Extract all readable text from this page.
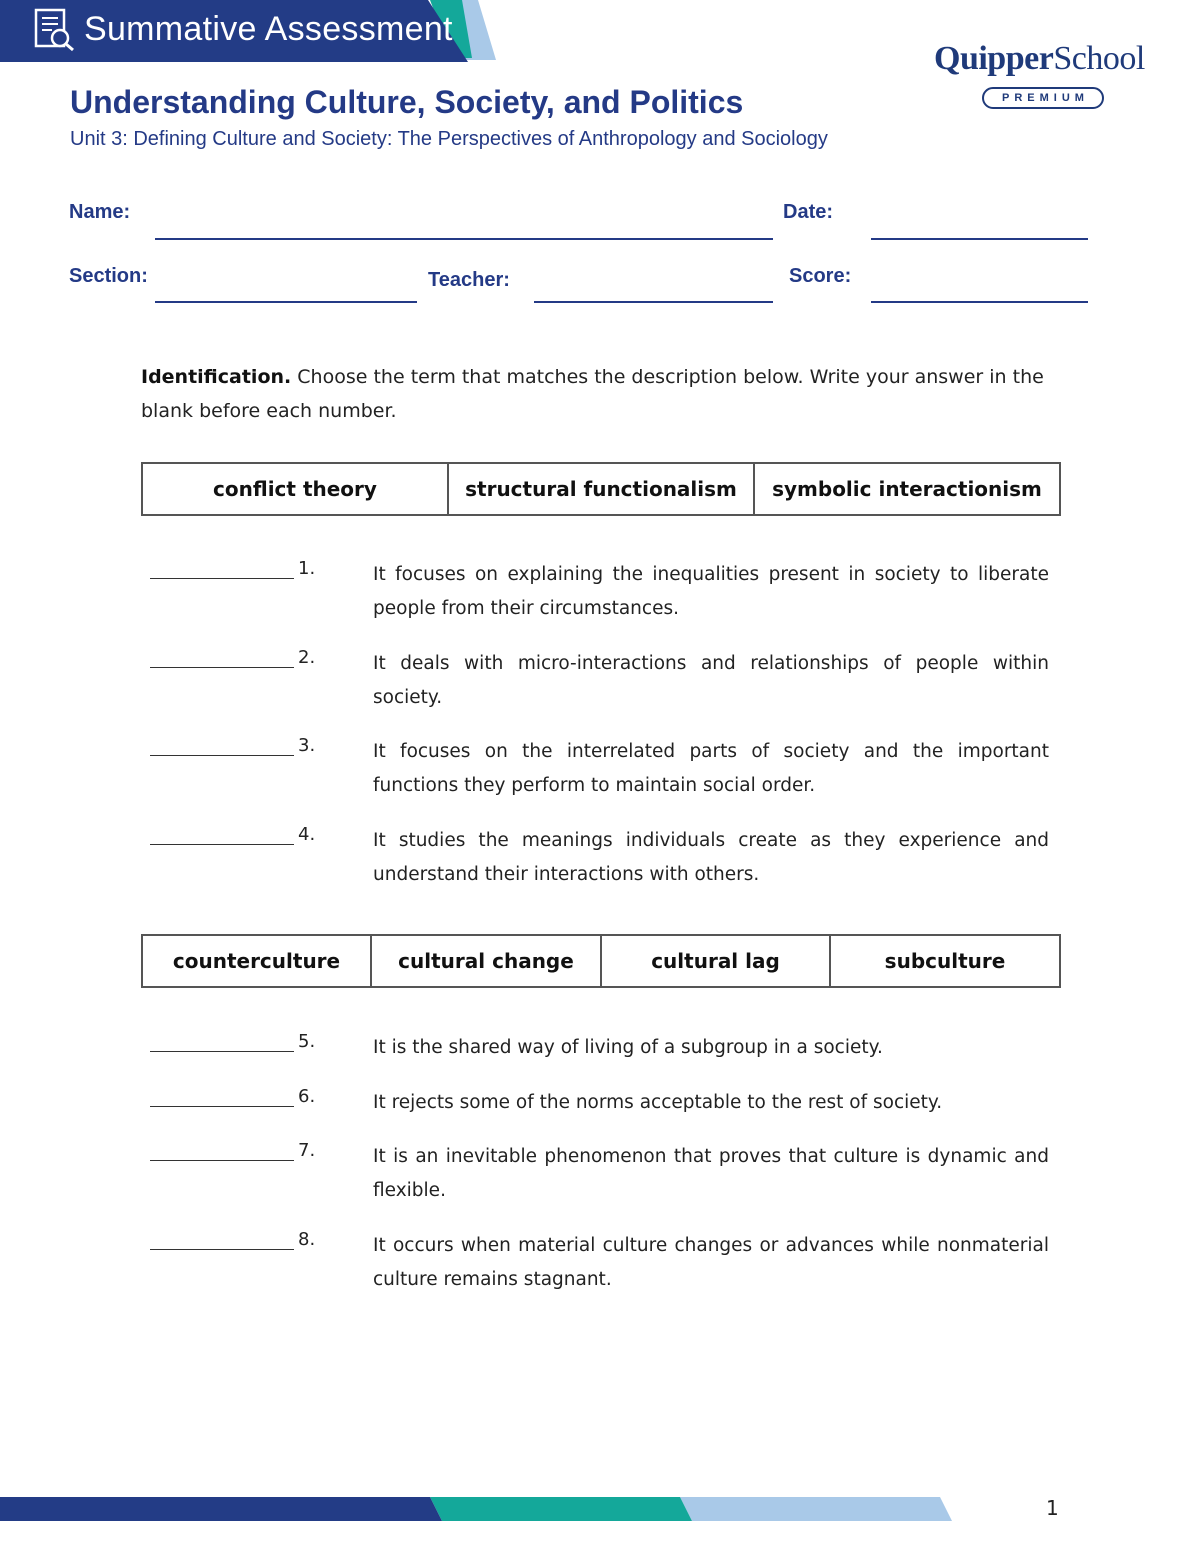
Summative Assessment
QuipperSchool
PREMIUM
Understanding Culture, Society, and Politics
Unit 3: Defining Culture and Society: The Perspectives of Anthropology and Sociology
Name:	Date:
Section:	Teacher:	Score:
Identification. Choose the term that matches the description below. Write your answer in the blank before each number.
conflict theory	structural functionalism	symbolic interactionism
1.	It focuses on explaining the inequalities present in society to liberate people from their circumstances.
2.	It deals with micro-interactions and relationships of people within society.
3.	It focuses on the interrelated parts of society and the important functions they perform to maintain social order.
4.	It studies the meanings individuals create as they experience and understand their interactions with others.
counterculture	cultural change	cultural lag	subculture
5.	It is the shared way of living of a subgroup in a society.
6.	It rejects some of the norms acceptable to the rest of society.
7.	It is an inevitable phenomenon that proves that culture is dynamic and flexible.
8.	It occurs when material culture changes or advances while nonmaterial culture remains stagnant.
1
